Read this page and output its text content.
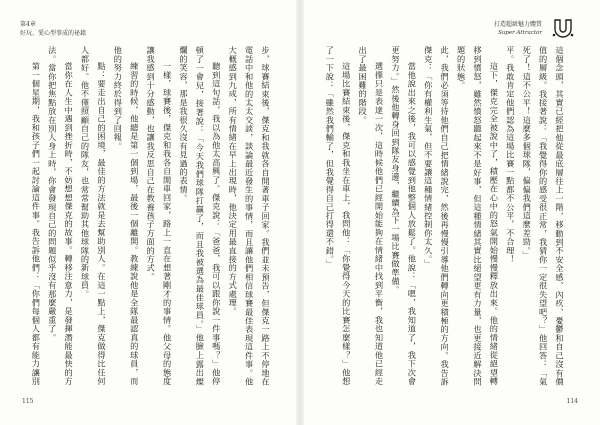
第4章
好玩、愛心型事成的祕籍

步，球賽結束後，傑克和我就各自開著車子回家。我們並未預告，但傑克一路上不停地在電話中和他的太太交談，談論最近發生的事情，而且讓他們相信球賽最佳表現這件事。他大概感到九成，所有情緒在早上出現時，他決定用最直接的方式處理。

聽到這句話，我以為他太高興了。傑克說：「爸爸，我可以跟你說一件事嗎？」他停頓了一會兒，接著說：「今天我們球隊打贏了，而且我被選為最佳球員。」他臉上露出燦爛的笑容，那是我很久沒有見過的表情。

一樣，球賽後，傑克和我各自開車回家，路上一直在想著剛才的事情。他父母的態度讓我感到十分感動，也讓我反思自己在教養孩子方面的方式。

練習的時候，他總是第一個到場，最後一個離開。教練說他是全隊最認真的球員，而他的努力終於得到了回報。

點：要走出自己的困境，最佳的方法就是去幫助別人。在這一點上，傑克做得比任何人都好。他不僅照顧自己的隊友，也常常幫助其他球隊的新球員。

當你在人生中遇到挫折時，不妨想想傑克的故事。轉移注意力，是發揮潛能最快的方法。當你把焦點放在別人身上時，你會發現自己的問題似乎沒有那麼嚴重了。

第一個星期，我和孩子們一起討論這件事。我告訴他們：「你們每個人都有能力讓別

115
打造超級魅力體質
Super Attractor

這個念頭，其實已經把他從最底層往上一階，移動到不安全感、內疚、憂鬱和自己沒有價值的層級。我接著說：「我覺得你的感受很正常，我猜你一定很失望吧？」他回答：「氣死了！這不公平！這麼多個球隊，偏偏我們這麼差勁。」

平。我敢肯定他們認為這場比賽一點都不公平，不合理！

這下，傑克完全被說中了，積壓在心中的怒氣開始慢慢釋放出來。他的情緒從絕望轉移到憤怒，雖然憤怒聽起來不是好事，但這種情緒其實比絕望更有力量，也更接近解決問題的狀態。

此，我們必須等待他們自己把情緒說完，然後再慢慢引導他們轉向更積極的方向。我告訴傑克：「你有權利生氣，但不要讓這種情緒控制你太久。」

當他說出來之後，我可以感覺到他整個人放鬆了。他說：「嗯，我知道了，我下次會更努力。」然後他轉身回到隊友身邊，繼續為下一場比賽做準備。

選擇只是表達一次，這時候他們已經開始能夠在情緒中找到平衡，我也知道他已經走出了最困難的階段。

這場比賽結束後，傑克和我坐在車上，我問他：「你覺得今天的比賽怎麼樣？」他想了一下說：「雖然我們輸了，但我覺得自己打得還不錯。」

114
